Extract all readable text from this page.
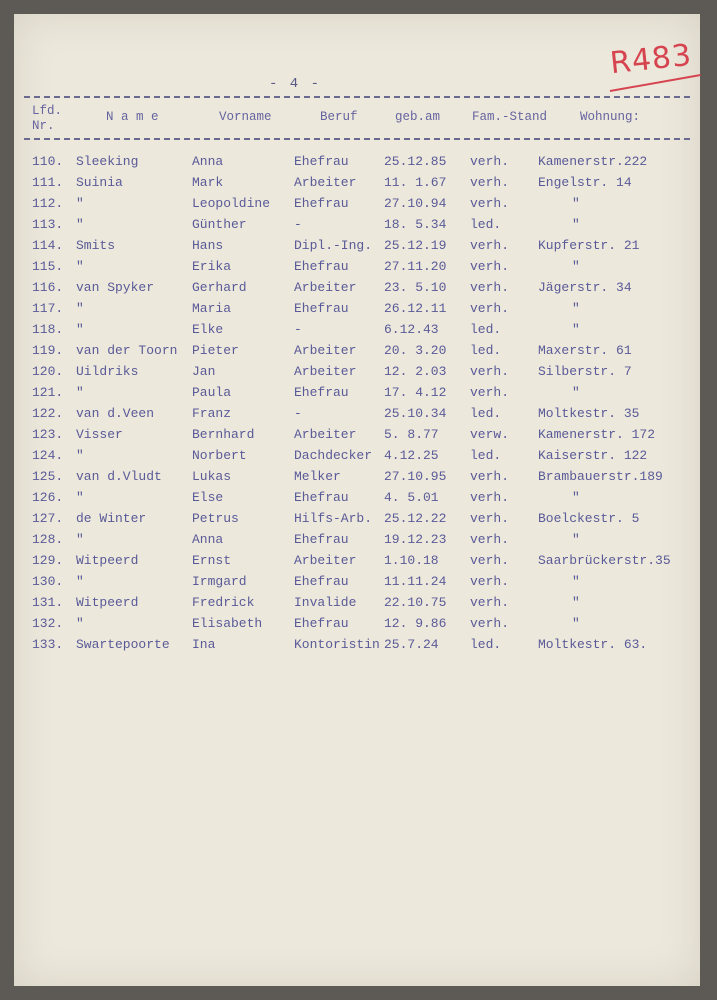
- 4 -
R483
Lfd. Nr.
N a m e	Vorname	Beruf	geb.am	Fam.-Stand	Wohnung:
110. Sleeking	Anna	Ehefrau	25.12.85 verh. Kamenerstr.222
111. Suinia	Mark	Arbeiter 11. 1.67 verh. Engelstr. 14
112. "	Leopoldine Ehefrau	27.10.94 verh.	"
113. "	Günther	-	18. 5.34 led.	"
114. Smits	Hans	Dipl.-Ing. 25.12.19 verh. Kupferstr. 21
115. "	Erika	Ehefrau	27.11.20 verh.	"
116. van Spyker	Gerhard	Arbeiter 23. 5.10 verh. Jägerstr. 34
117. "	Maria	Ehefrau	26.12.11 verh.	"
118. "	Elke	-	6.12.43 led.	"
119. van der Toorn Pieter	Arbeiter 20. 3.20 led.	Maxerstr. 61
120. Uildriks	Jan	Arbeiter 12. 2.03 verh. Silberstr. 7
121. "	Paula	Ehefrau	17. 4.12 verh.	"
122. van d.Veen	Franz	-	25.10.34 led.	Moltkestr. 35
123. Visser	Bernhard	Arbeiter 5. 8.77 verw. Kamenerstr. 172
124. "	Norbert	Dachdecker 4.12.25 led.	Kaiserstr. 122
125. van d.Vludt Lukas	Melker	27.10.95 verh. Brambauerstr.189
126. "	Else	Ehefrau	4. 5.01 verh.	"
127. de Winter	Petrus	Hilfs-Arb. 25.12.22 verh. Boelckestr. 5
128. "	Anna	Ehefrau	19.12.23 verh.	"
129. Witpeerd	Ernst	Arbeiter 1.10.18 verh. Saarbrückerstr.35
130. "	Irmgard	Ehefrau	11.11.24 verh.	"
131. Witpeerd	Fredrick	Invalide 22.10.75 verh.	"
132. "	Elisabeth Ehefrau	12. 9.86 verh.	"
133. Swartepoorte Ina	Kontoristin 25.7.24 led.	Moltkestr. 63.
